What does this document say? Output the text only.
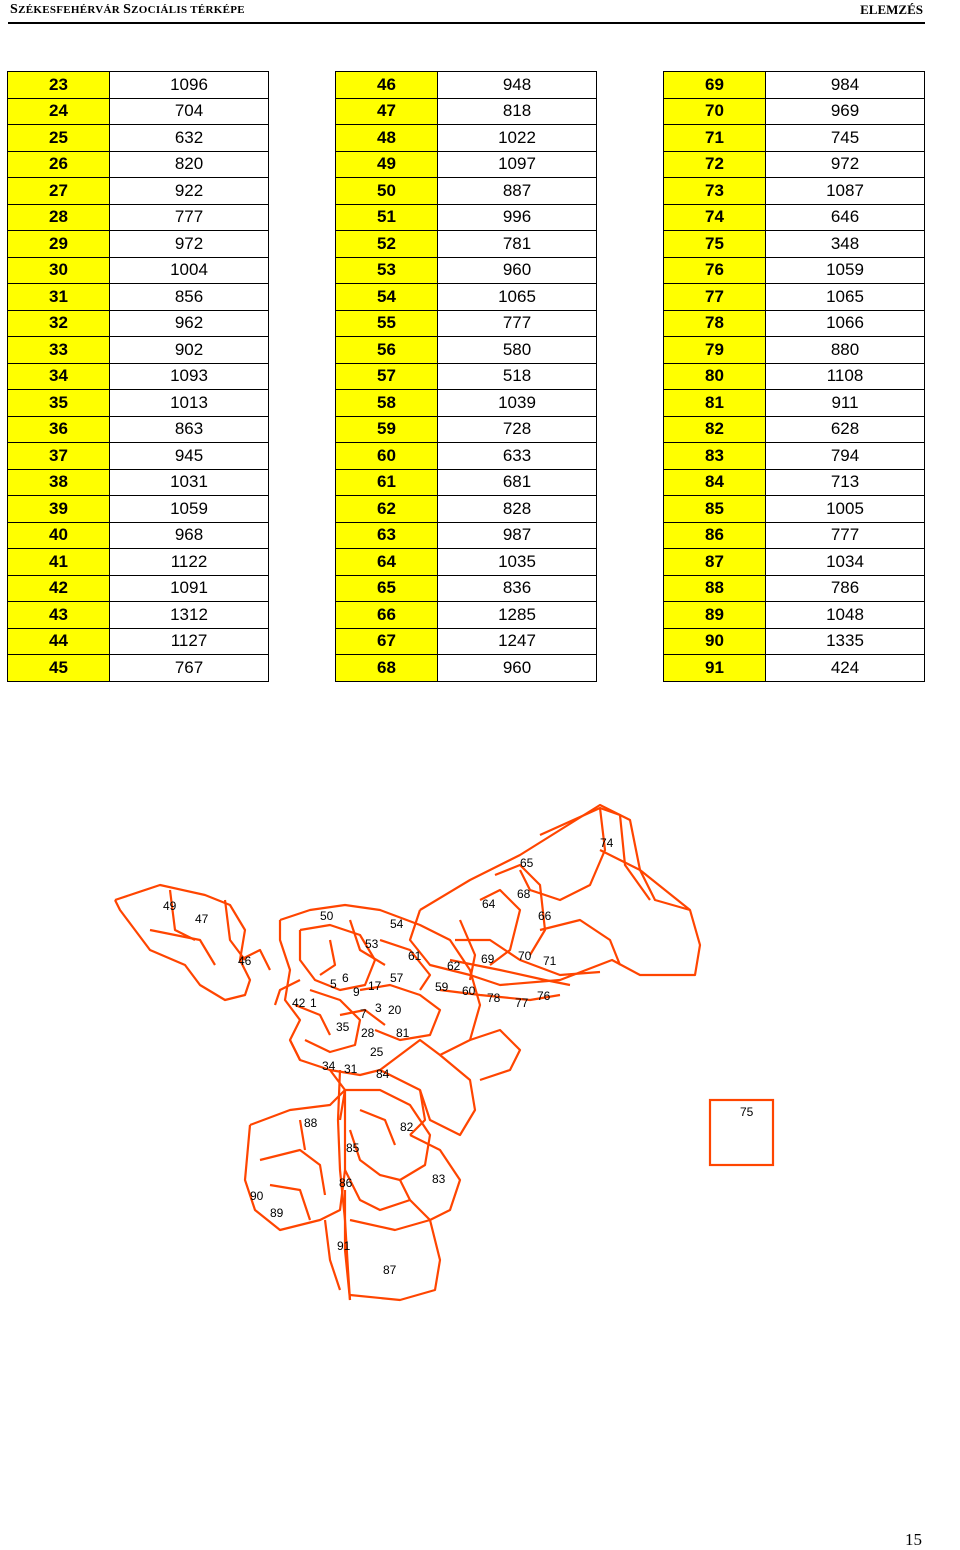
SZÉKESFEHÉRVÁR SZOCIÁLIS TÉRKÉPE	ELEMZÉS
23	1096
24	704
25	632
26	820
27	922
28	777
29	972
30	1004
31	856
32	962
33	902
34	1093
35	1013
36	863
37	945
38	1031
39	1059
40	968
41	1122
42	1091
43	1312
44	1127
45	767
46	948
47	818
48	1022
49	1097
50	887
51	996
52	781
53	960
54	1065
55	777
56	580
57	518
58	1039
59	728
60	633
61	681
62	828
63	987
64	1035
65	836
66	1285
67	1247
68	960
69	984
70	969
71	745
72	972
73	1087
74	646
75	348
76	1059
77	1065
78	1066
79	880
80	1108
81	911
82	628
83	794
84	713
85	1005
86	777
87	1034
88	786
89	1048
90	1335
91	424
74
65
68
64
66
49
47	50
54
53
46	61
62 69 70 71
5 6
9 17
57
59 60 78 77 76
42 1	20
3
7
81
35 28
25
34 31 84
88	82
85
83
86
90
89
91
87
75
15
